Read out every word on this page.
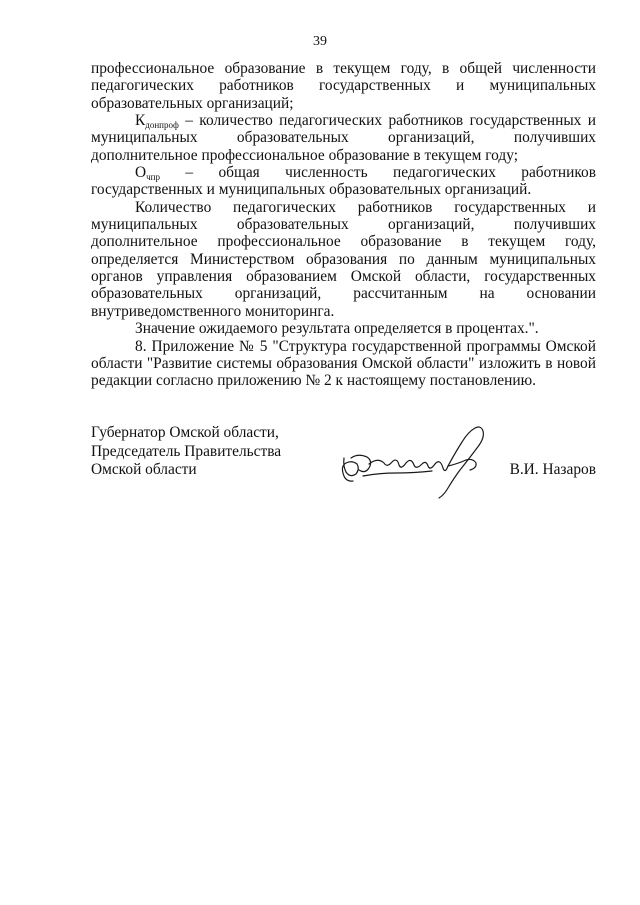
39

профессиональное образование в текущем году, в общей численности педагогических работников государственных и муниципальных образовательных организаций;

$К_{донпроф}$ – количество педагогических работников государственных и муниципальных образовательных организаций, получивших дополнительное профессиональное образование в текущем году;

$О_{чпр}$ – общая численность педагогических работников государственных и муниципальных образовательных организаций.

Количество педагогических работников государственных и муниципальных образовательных организаций, получивших дополнительное профессиональное образование в текущем году, определяется Министерством образования по данным муниципальных органов управления образованием Омской области, государственных образовательных организаций, рассчитанным на основании внутриведомственного мониторинга.

Значение ожидаемого результата определяется в процентах.".

8. Приложение № 5 "Структура государственной программы Омской области "Развитие системы образования Омской области" изложить в новой редакции согласно приложению № 2 к настоящему постановлению.

Губернатор Омской области,
Председатель Правительства
Омской области	В.И. Назаров
